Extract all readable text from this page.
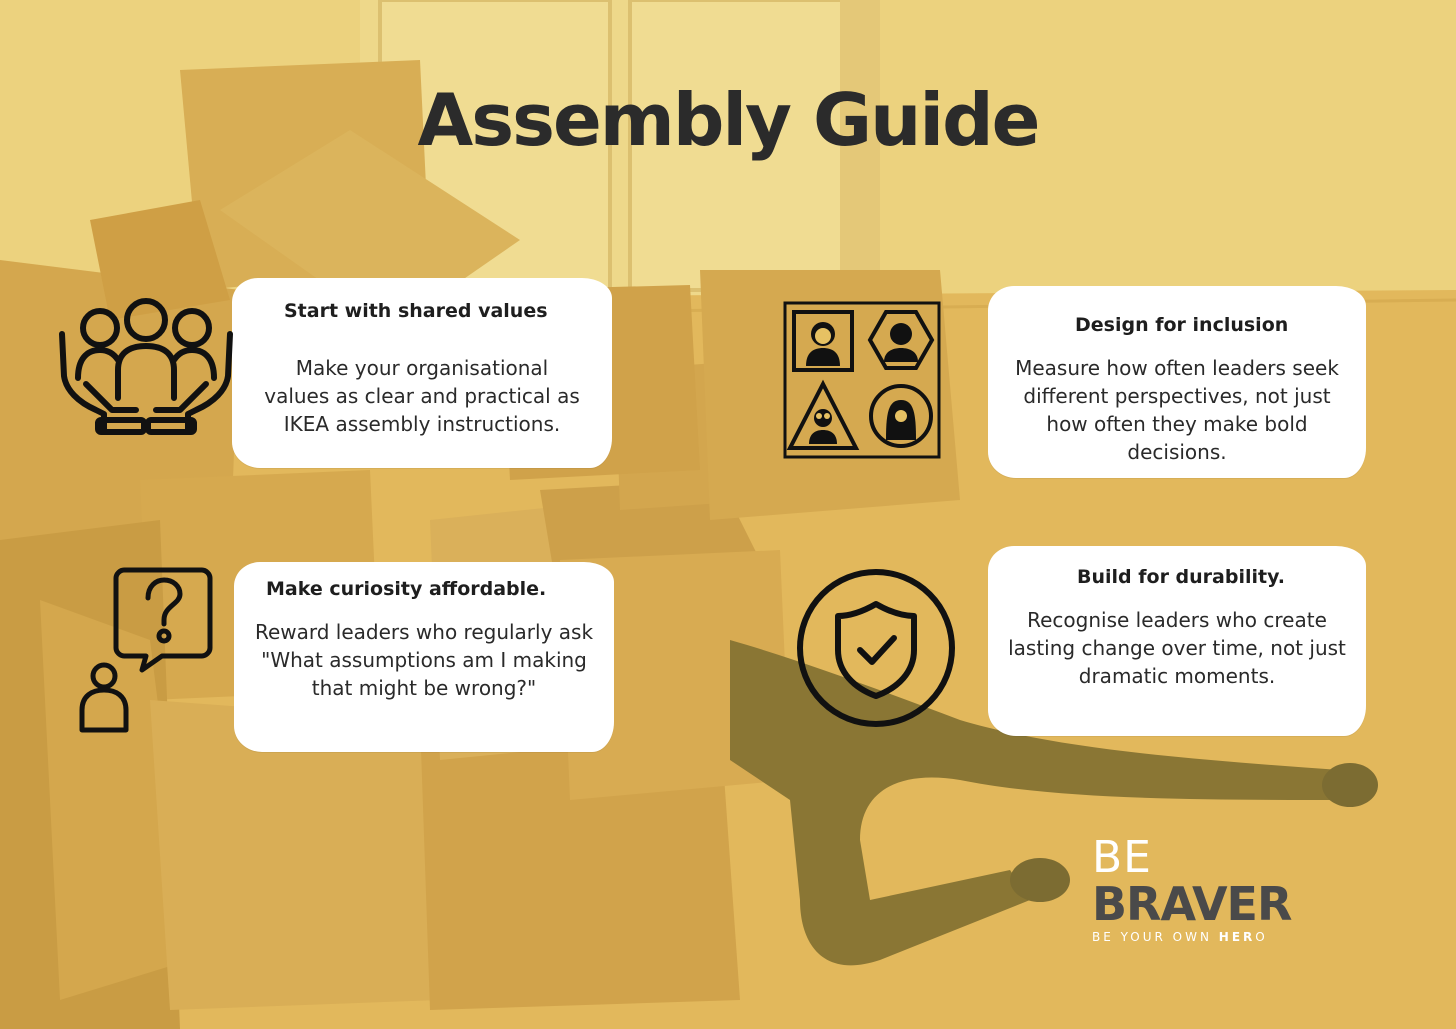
Assembly Guide
Start with shared values

Make your organisational

values as clear and practical as

IKEA assembly instructions.

Design for inclusion

Measure how often leaders seek

different perspectives, not just

how often they make bold

decisions.

Make curiosity affordable.

Reward leaders who regularly ask

"What assumptions am I making

that might be wrong?"

Build for durability.

Recognise leaders who create

lasting change over time, not just

dramatic moments.

BE
BRAVER
BE YOUR OWN HERO
